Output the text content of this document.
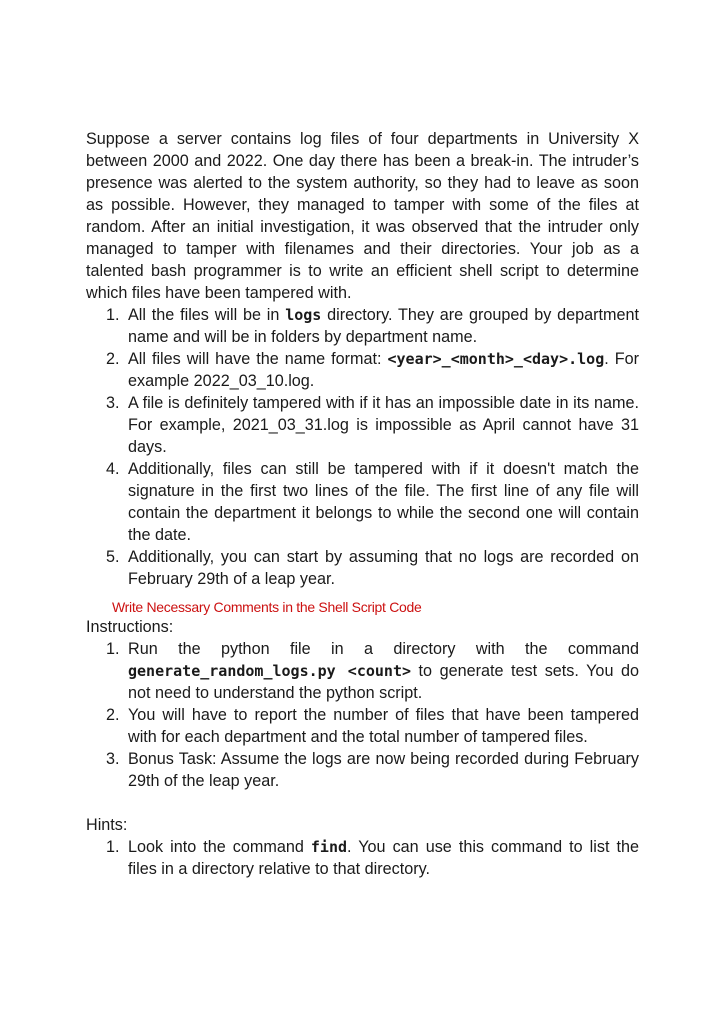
Suppose a server contains log files of four departments in University X between 2000 and 2022. One day there has been a break-in. The intruder’s presence was alerted to the system authority, so they had to leave as soon as possible. However, they managed to tamper with some of the files at random. After an initial investigation, it was observed that the intruder only managed to tamper with filenames and their directories. Your job as a talented bash programmer is to write an efficient shell script to determine which files have been tampered with.

1. All the files will be in logs directory. They are grouped by department name and will be in folders by department name.
2. All files will have the name format: <year>_<month>_<day>.log. For example 2022_03_10.log.
3. A file is definitely tampered with if it has an impossible date in its name. For example, 2021_03_31.log is impossible as April cannot have 31 days.
4. Additionally, files can still be tampered with if it doesn't match the signature in the first two lines of the file. The first line of any file will contain the department it belongs to while the second one will contain the date.
5. Additionally, you can start by assuming that no logs are recorded on February 29th of a leap year.
Write Necessary Comments in the Shell Script Code

Instructions:

1. Run the python file in a directory with the command generate_random_logs.py <count> to generate test sets. You do not need to understand the python script.
2. You will have to report the number of files that have been tampered with for each department and the total number of tampered files.
3. Bonus Task: Assume the logs are now being recorded during February 29th of the leap year.

Hints:

1. Look into the command find. You can use this command to list the files in a directory relative to that directory.
